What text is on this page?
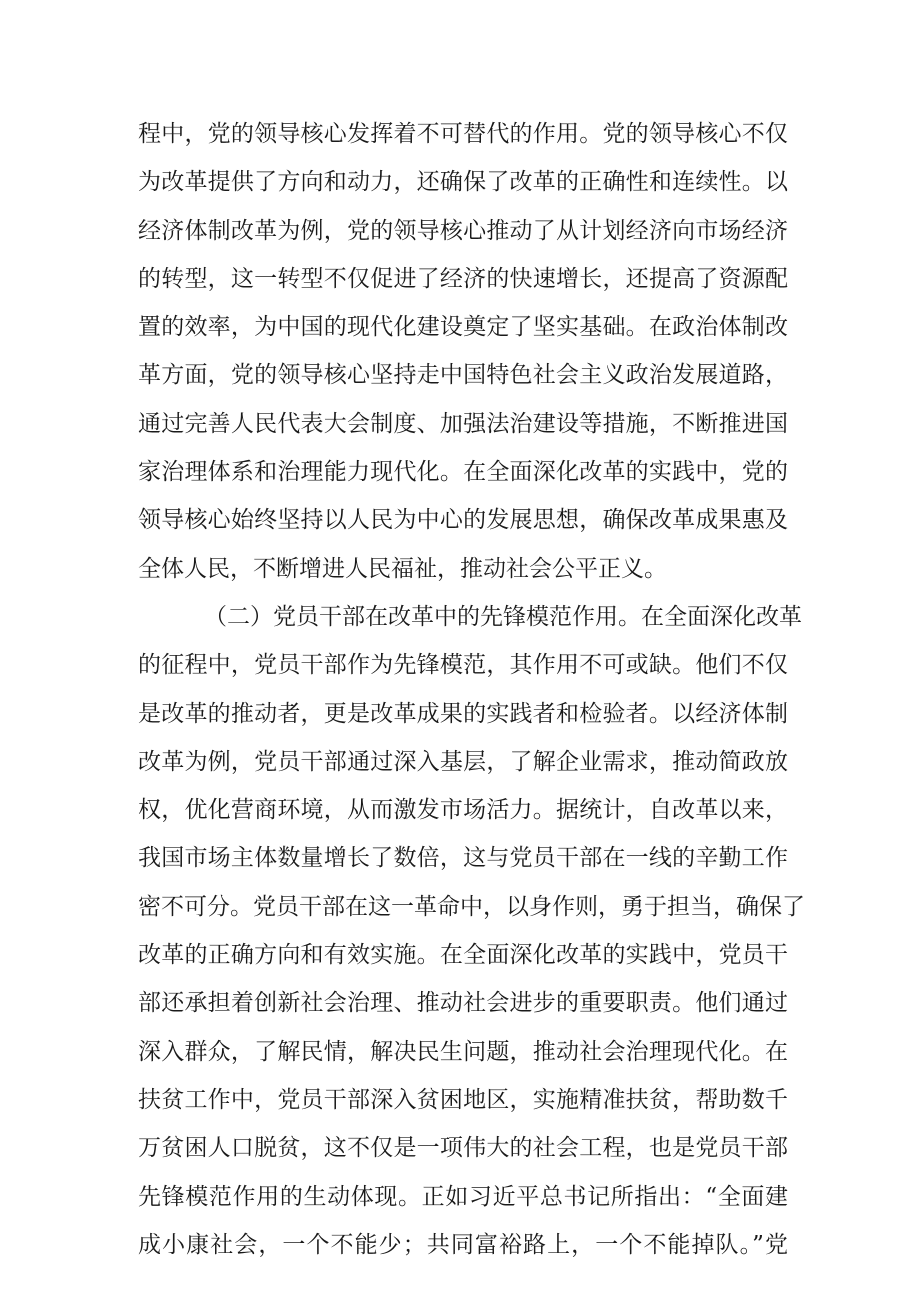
程中，党的领导核心发挥着不可替代的作用。党的领导核心不仅
为改革提供了方向和动力，还确保了改革的正确性和连续性。以
经济体制改革为例，党的领导核心推动了从计划经济向市场经济
的转型，这一转型不仅促进了经济的快速增长，还提高了资源配
置的效率，为中国的现代化建设奠定了坚实基础。在政治体制改
革方面，党的领导核心坚持走中国特色社会主义政治发展道路，
通过完善人民代表大会制度、加强法治建设等措施，不断推进国
家治理体系和治理能力现代化。在全面深化改革的实践中，党的
领导核心始终坚持以人民为中心的发展思想，确保改革成果惠及
全体人民，不断增进人民福祉，推动社会公平正义。
（二）党员干部在改革中的先锋模范作用。在全面深化改革
的征程中，党员干部作为先锋模范，其作用不可或缺。他们不仅
是改革的推动者，更是改革成果的实践者和检验者。以经济体制
改革为例，党员干部通过深入基层，了解企业需求，推动简政放
权，优化营商环境，从而激发市场活力。据统计，自改革以来，
我国市场主体数量增长了数倍，这与党员干部在一线的辛勤工作
密不可分。党员干部在这一革命中，以身作则，勇于担当，确保了
改革的正确方向和有效实施。在全面深化改革的实践中，党员干
部还承担着创新社会治理、推动社会进步的重要职责。他们通过
深入群众，了解民情，解决民生问题，推动社会治理现代化。在
扶贫工作中，党员干部深入贫困地区，实施精准扶贫，帮助数千
万贫困人口脱贫，这不仅是一项伟大的社会工程，也是党员干部
先锋模范作用的生动体现。正如习近平总书记所指出：“全面建
成小康社会，一个不能少；共同富裕路上，一个不能掉队。”党
